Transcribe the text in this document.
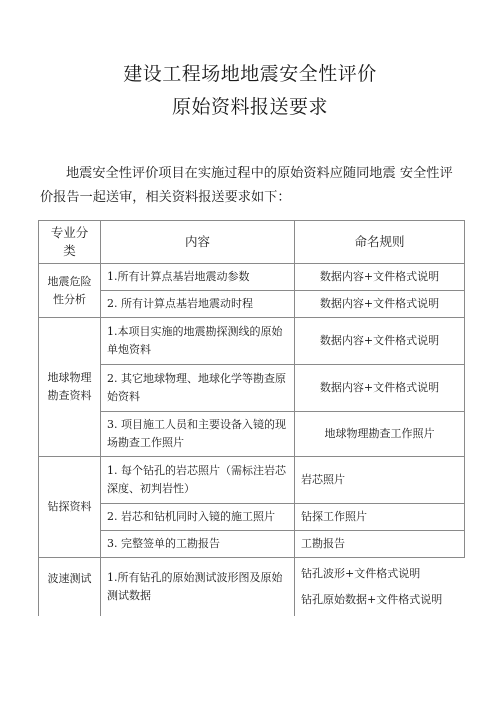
建设工程场地地震安全性评价
原始资料报送要求
地震安全性评价项目在实施过程中的原始资料应随同地震 安全性评价报告一起送审，相关资料报送要求如下：
专业分类	内容	命名规则
地震危险性分析	1.所有计算点基岩地震动参数	数据内容+文件格式说明
	2. 所有计算点基岩地震动时程	数据内容+文件格式说明
地球物理勘查资料	1.本项目实施的地震勘探测线的原始 单炮资料	数据内容+文件格式说明
	2. 其它地球物理、地球化学等勘查原始资料	数据内容+文件格式说明
	3. 项目施工人员和主要设备入镜的现场勘查工作照片	地球物理勘查工作照片
钻探资料	1. 每个钻孔的岩芯照片（需标注岩芯深度、初判岩性）	岩芯照片
	2. 岩芯和钻机同时入镜的施工照片	钻探工作照片
	3. 完整签单的工勘报告	工勘报告
波速测试	1.所有钻孔的原始测试波形图及原始 测试数据	钻孔波形+文件格式说明
钻孔原始数据+文件格式说明
